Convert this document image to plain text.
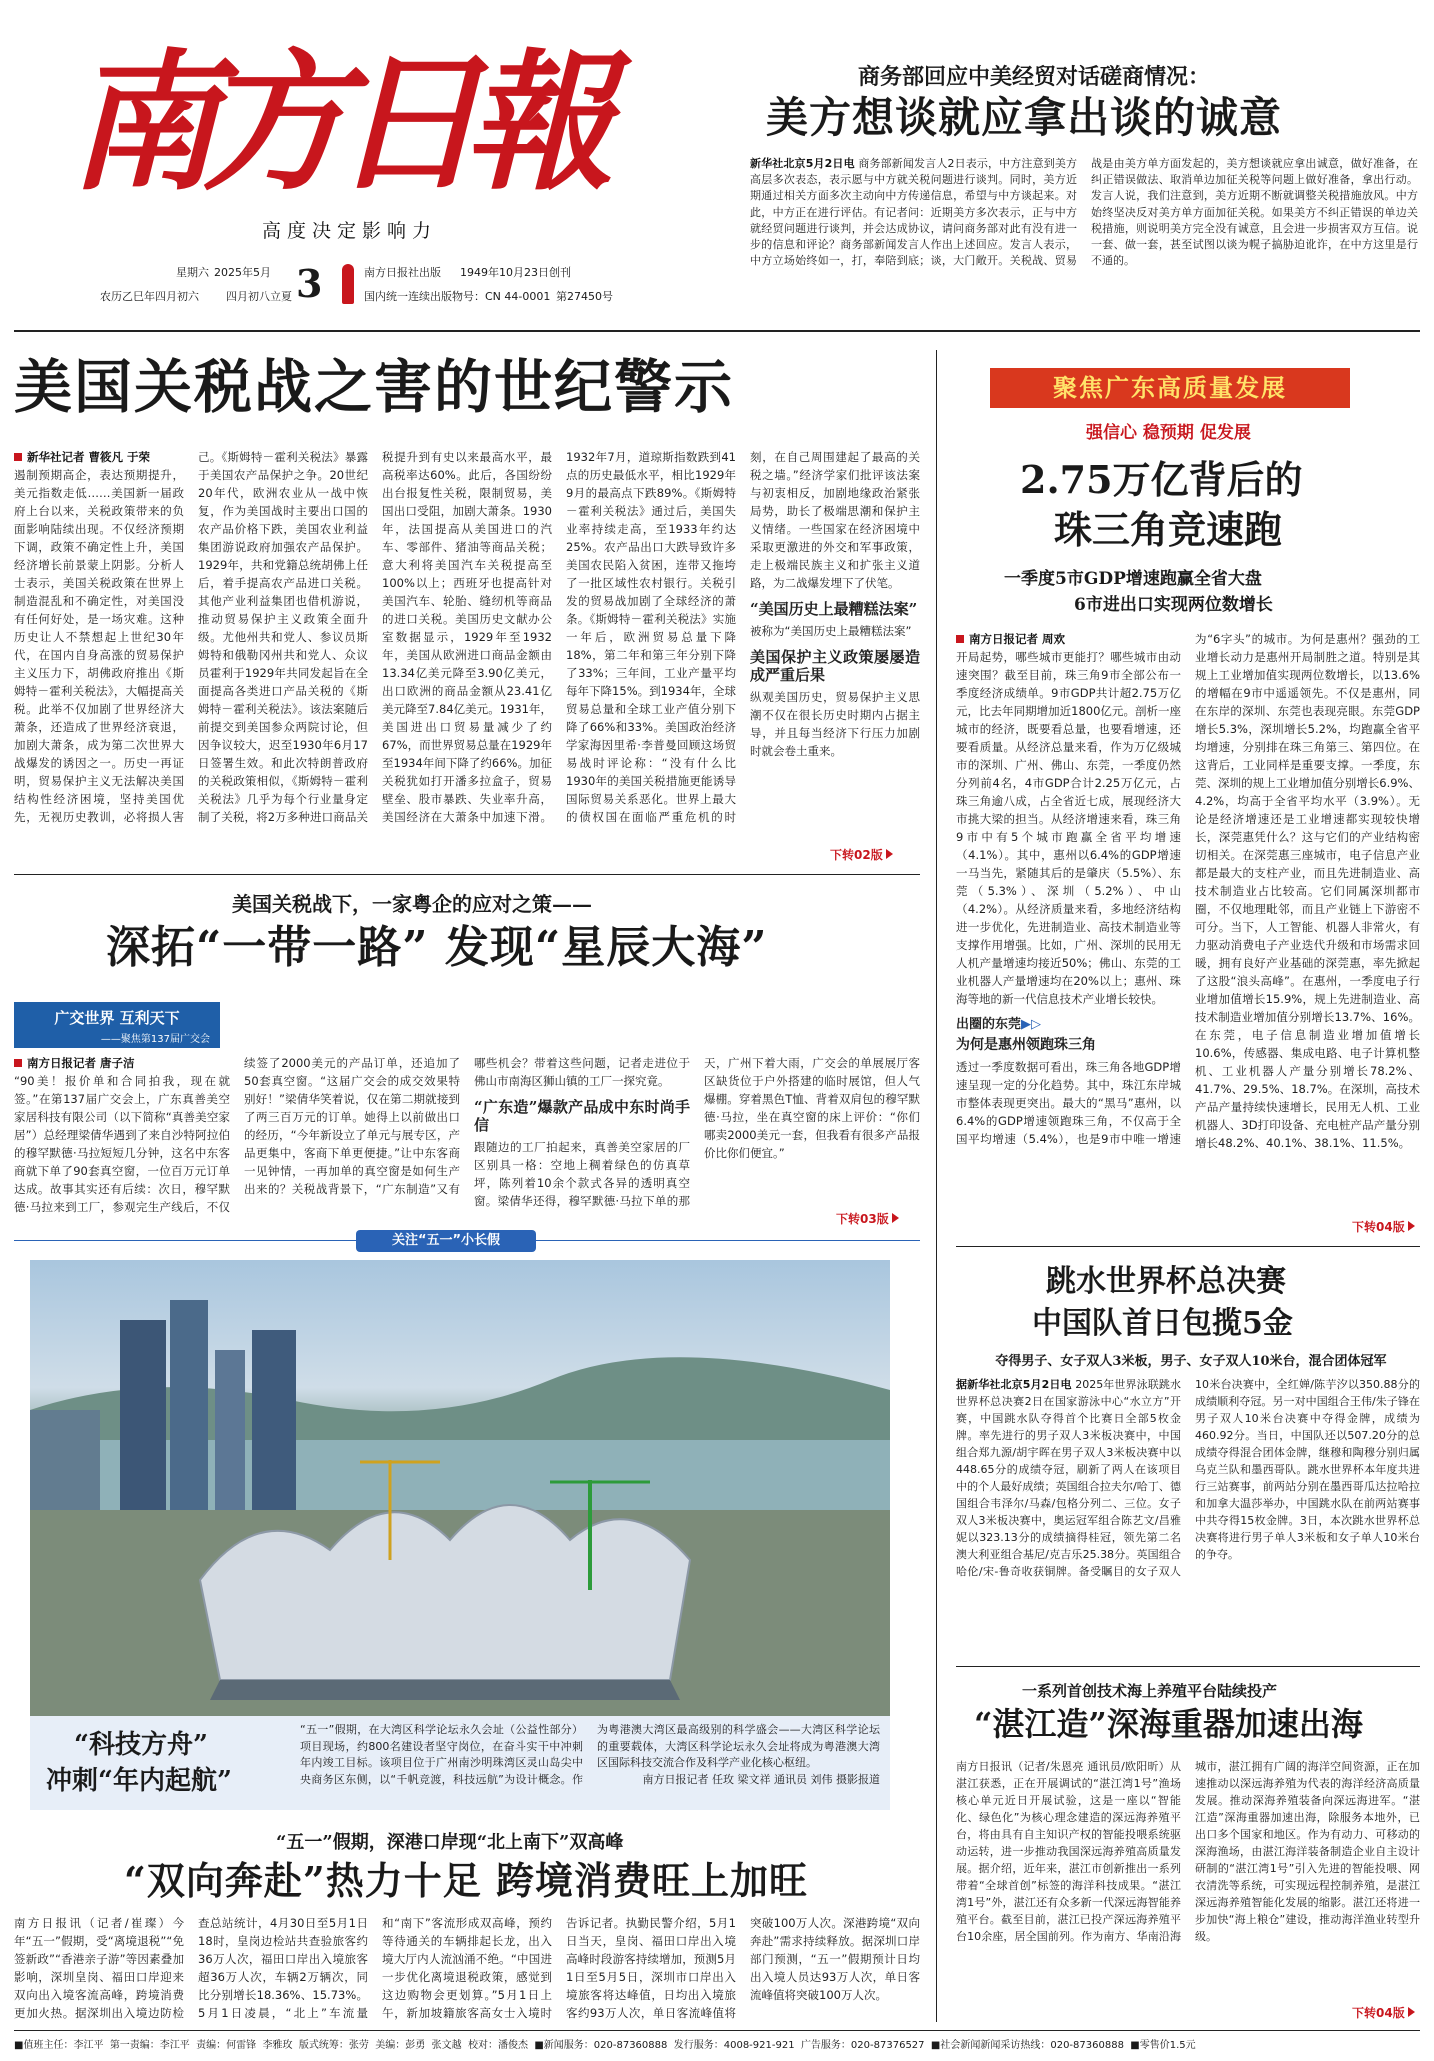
南方日報
高度决定影响力
星期六 2025年5月
农历乙巳年四月初六 四月初八立夏 3	南方日报社出版 1949年10月23日创刊
国内统一连续出版物号：CN 44-0001 第27450号
商务部回应中美经贸对话磋商情况：
美方想谈就应拿出谈的诚意
新华社北京5月2日电 商务部新闻发言人2日表示，中方注意到美方高层多次表态，表示愿与中方就关税问题进行谈判。同时，美方近期通过相关方面多次主动向中方传递信息，希望与中方谈起来。对此，中方正在进行评估。有记者问：近期美方多次表示，正与中方就经贸问题进行谈判，并会达成协议，请问商务部对此有没有进一步的信息和评论？商务部新闻发言人作出上述回应。发言人表示，中方立场始终如一，打，奉陪到底；谈，大门敞开。关税战、贸易战是由美方单方面发起的，美方想谈就应拿出诚意，做好准备，在纠正错误做法、取消单边加征关税等问题上做好准备，拿出行动。发言人说，我们注意到，美方近期不断就调整关税措施放风。中方始终坚决反对美方单方面加征关税。如果美方不纠正错误的单边关税措施，则说明美方完全没有诚意，且会进一步损害双方互信。说一套、做一套，甚至试图以谈为幌子搞胁迫讹诈，在中方这里是行不通的。
美国关税战之害的世纪警示
新华社记者 曹筱凡 于荣
遏制预期高企，表达预期提升，美元指数走低……美国新一届政府上台以来，关税政策带来的负面影响陆续出现。不仅经济预期下调，政策不确定性上升，美国经济增长前景蒙上阴影。分析人士表示，美国关税政策在世界上制造混乱和不确定性，对美国没有任何好处，是一场灾难。这种历史让人不禁想起上世纪30年代，在国内自身高涨的贸易保护主义压力下，胡佛政府推出《斯姆特－霍利关税法》，大幅提高关税。此举不仅加剧了世界经济大萧条，还造成了世界经济衰退，加剧大萧条，成为第二次世界大战爆发的诱因之一。历史一再证明，贸易保护主义无法解决美国结构性经济困境，坚持美国优先，无视历史教训，必将损人害己。《斯姆特－霍利关税法》暴露于美国农产品保护之争。20世纪20年代，欧洲农业从一战中恢复，作为美国战时主要出口国的农产品价格下跌，美国农业利益集团游说政府加强农产品保护。1929年，共和党籍总统胡佛上任后，着手提高农产品进口关税。其他产业利益集团也借机游说，推动贸易保护主义政策全面升级。尤他州共和党人、参议员斯姆特和俄勒冈州共和党人、众议员霍利于1929年共同发起旨在全面提高各类进口产品关税的《斯姆特－霍利关税法》。该法案随后前提交到美国参众两院讨论，但因争议较大，迟至1930年6月17日签署生效。和此次特朗普政府的关税政策相似，《斯姆特－霍利关税法》几乎为每个行业量身定制了关税，将2万多种进口商品关税提升到有史以来最高水平，最高税率达60%。此后，各国纷纷出台报复性关税，限制贸易，美国出口受阻，加剧大萧条。1930年，法国提高从美国进口的汽车、零部件、猪油等商品关税；意大利将美国汽车关税提高至100%以上；西班牙也提高针对美国汽车、轮胎、缝纫机等商品的进口关税。美国历史文献办公室数据显示，1929年至1932年，美国从欧洲进口商品金额由13.34亿美元降至3.90亿美元，出口欧洲的商品金额从23.41亿美元降至7.84亿美元。1931年，美国进出口贸易量减少了约67%，而世界贸易总量在1929年至1934年间下降了约66%。加征关税犹如打开潘多拉盒子，贸易壁垒、股市暴跌、失业率升高，美国经济在大萧条中加速下滑。1932年7月，道琼斯指数跌到41点的历史最低水平，相比1929年9月的最高点下跌89%。《斯姆特－霍利关税法》通过后，美国失业率持续走高，至1933年约达25%。农产品出口大跌导致许多美国农民陷入贫困，连带又拖垮了一批区域性农村银行。关税引发的贸易战加剧了全球经济的萧条。《斯姆特－霍利关税法》实施一年后，欧洲贸易总量下降18%，第二年和第三年分别下降了33%；三年间，工业产量平均每年下降15%。到1934年，全球贸易总量和全球工业产值分别下降了66%和33%。美国政治经济学家海因里希·李普曼回顾这场贸易战时评论称：“没有什么比1930年的美国关税措施更能诱导国际贸易关系恶化。世界上最大的债权国在面临严重危机的时刻，在自己周围建起了最高的关税之墙。”经济学家们批评该法案与初衷相反，加剧地缘政治紧张局势，助长了极端思潮和保护主义情绪。一些国家在经济困境中采取更激进的外交和军事政策，走上极端民族主义和扩张主义道路，为二战爆发埋下了伏笔。
“美国历史上最糟糕法案”
被称为“美国历史上最糟糕法案”
美国保护主义政策屡屡造成严重后果
纵观美国历史，贸易保护主义思潮不仅在很长历史时期内占据主导，并且每当经济下行压力加剧时就会卷土重来。
下转02版
美国关税战下，一家粤企的应对之策——
深拓“一带一路” 发现“星辰大海”
广交世界 互利天下
——聚焦第137届广交会
南方日报记者 唐子洁
“90美！报价单和合同拍我，现在就签。”在第137届广交会上，广东真善美空家居科技有限公司（以下简称“真善美空家居”）总经理梁倩华遇到了来自沙特阿拉伯的穆罕默德·马拉短短几分钟，这名中东客商就下单了90套真空窗，一位百万元订单达成。故事其实还有后续：次日，穆罕默德·马拉来到工厂，参观完生产线后，不仅续签了2000美元的产品订单，还追加了50套真空窗。“这届广交会的成交效果特别好！”梁倩华笑着说，仅在第二期就接到了两三百万元的订单。她得上以前做出口的经历，“今年新设立了单元与展专区，产品更集中，客商下单更便捷。”让中东客商一见钟情，一再加单的真空窗是如何生产出来的？关税战背景下，“广东制造”又有哪些机会？带着这些问题，记者走进位于佛山市南海区狮山镇的工厂一探究竟。
“广东造”爆款产品成中东时尚手信
跟随边的工厂拍起来，真善美空家居的厂区别具一格：空地上稠着绿色的仿真草坪，陈列着10余个款式各异的透明真空窗。梁倩华还得，穆罕默德·马拉下单的那天，广州下着大雨，广交会的单展展厅客区缺货位于户外搭建的临时展馆，但人气爆棚。穿着黑色T恤、背着双肩包的穆罕默德·马拉，坐在真空窗的床上评价：“你们哪卖2000美元一套，但我看有很多产品报价比你们便宜。”
下转03版
关注“五一”小长假
“科技方舟”
冲刺“年内起航”
“五一”假期，在大湾区科学论坛永久会址（公益性部分）项目现场，约800名建设者坚守岗位，在奋斗实干中冲刺年内竣工目标。该项目位于广州南沙明珠湾区灵山岛尖中央商务区东侧，以“千帆竞渡，科技远航”为设计概念。作为粤港澳大湾区最高级别的科学盛会——大湾区科学论坛的重要载体，大湾区科学论坛永久会址将成为粤港澳大湾区国际科技交流合作及科学产业化核心枢纽。
南方日报记者 任玫 梁文祥 通讯员 刘伟 摄影报道
“五一”假期，深港口岸现“北上南下”双高峰
“双向奔赴”热力十足 跨境消费旺上加旺
南方日报讯（记者/崔璨）今年“五一”假期，受“离境退税”“免签新政”“香港亲子游”等因素叠加影响，深圳皇岗、福田口岸迎来双向出入境客流高峰，跨境消费更加火热。据深圳出入境边防检查总站统计，4月30日至5月1日18时，皇岗边检站共查验旅客约36万人次，福田口岸出入境旅客超36万人次，车辆2万辆次，同比分别增长18.36%、15.73%。5月1日凌晨，“北上”车流量和“南下”客流形成双高峰，预约等待通关的车辆排起长龙，出入境大厅内人流汹涌不绝。“中国进一步优化离境退税政策，感觉到这边购物会更划算。”5月1日上午，新加坡籍旅客高女士入境时告诉记者。执勤民警介绍，5月1日当天，皇岗、福田口岸出入境高峰时段游客持续增加，预测5月1日至5月5日，深圳市口岸出入境旅客将达峰值，日均出入境旅客约93万人次，单日客流峰值将突破100万人次。深港跨境“双向奔赴”需求持续释放。据深圳口岸部门预测，“五一”假期预计日均出入境人员达93万人次，单日客流峰值将突破100万人次。
聚焦广东高质量发展
强信心 稳预期 促发展
2.75万亿背后的
珠三角竞速跑
一季度5市GDP增速跑赢全省大盘
6市进出口实现两位数增长
南方日报记者 周欢
开局起势，哪些城市更能打？哪些城市由动速突围？截至目前，珠三角9市全部公布一季度经济成绩单。9市GDP共计超2.75万亿元，比去年同期增加近1800亿元。剖析一座城市的经济，既要看总量，也要看增速，还要看质量。从经济总量来看，作为万亿级城市的深圳、广州、佛山、东莞，一季度仍然分列前4名，4市GDP合计2.25万亿元，占珠三角逾八成，占全省近七成，展现经济大市挑大梁的担当。从经济增速来看，珠三角9市中有5个城市跑赢全省平均增速（4.1%）。其中，惠州以6.4%的GDP增速一马当先，紧随其后的是肇庆（5.5%）、东莞（5.3%）、深圳（5.2%）、中山（4.2%）。从经济质量来看，多地经济结构进一步优化，先进制造业、高技术制造业等支撑作用增强。比如，广州、深圳的民用无人机产量增速均接近50%；佛山、东莞的工业机器人产量增速均在20%以上；惠州、珠海等地的新一代信息技术产业增长较快。
出圈的东莞▶▷
为何是惠州领跑珠三角
透过一季度数据可看出，珠三角各地GDP增速呈现一定的分化趋势。其中，珠江东岸城市整体表现更突出。最大的“黑马”惠州，以6.4%的GDP增速领跑珠三角，不仅高于全国平均增速（5.4%），也是9市中唯一增速为“6字头”的城市。为何是惠州？强劲的工业增长动力是惠州开局制胜之道。特别是其规上工业增加值实现两位数增长，以13.6%的增幅在9市中遥遥领先。不仅是惠州，同在东岸的深圳、东莞也表现亮眼。东莞GDP增长5.3%，深圳增长5.2%，均跑赢全省平均增速，分别排在珠三角第三、第四位。在这背后，工业同样是重要支撑。一季度，东莞、深圳的规上工业增加值分别增长6.9%、4.2%，均高于全省平均水平（3.9%）。无论是经济增速还是工业增速都实现较快增长，深莞惠凭什么？这与它们的产业结构密切相关。在深莞惠三座城市，电子信息产业都是最大的支柱产业，而且先进制造业、高技术制造业占比较高。它们同属深圳都市圈，不仅地理毗邻，而且产业链上下游密不可分。当下，人工智能、机器人非常火，有力驱动消费电子产业迭代升级和市场需求回暖，拥有良好产业基础的深莞惠，率先掀起了这股“浪头高峰”。在惠州，一季度电子行业增加值增长15.9%，规上先进制造业、高技术制造业增加值分别增长13.7%、16%。在东莞，电子信息制造业增加值增长10.6%，传感器、集成电路、电子计算机整机、工业机器人产量分别增长78.2%、41.7%、29.5%、18.7%。在深圳，高技术产品产量持续快速增长，民用无人机、工业机器人、3D打印设备、充电桩产品产量分别增长48.2%、40.1%、38.1%、11.5%。
下转04版
跳水世界杯总决赛
中国队首日包揽5金
夺得男子、女子双人3米板，男子、女子双人10米台，混合团体冠军
据新华社北京5月2日电 2025年世界泳联跳水世界杯总决赛2日在国家游泳中心“水立方”开赛，中国跳水队夺得首个比赛日全部5枚金牌。率先进行的男子双人3米板决赛中，中国组合郑九源/胡宇晖在男子双人3米板决赛中以448.65分的成绩夺冠，刷新了两人在该项目中的个人最好成绩；英国组合拉夫尔/哈丁、德国组合韦泽尔/马森/包格分列二、三位。女子双人3米板决赛中，奥运冠军组合陈艺文/昌雅妮以323.13分的成绩摘得桂冠，领先第二名澳大利亚组合基尼/克吉乐25.38分。英国组合哈伦/宋-鲁奇收获铜牌。备受瞩目的女子双人10米台决赛中，全红婵/陈芋汐以350.88分的成绩顺利夺冠。另一对中国组合王伟/朱子锋在男子双人10米台决赛中夺得金牌，成绩为460.92分。当日，中国队还以507.20分的总成绩夺得混合团体金牌，继穆和陶穆分别归属乌克兰队和墨西哥队。跳水世界杯本年度共进行三站赛事，前两站分别在墨西哥瓜达拉哈拉和加拿大温莎举办，中国跳水队在前两站赛事中共夺得15枚金牌。3日，本次跳水世界杯总决赛将进行男子单人3米板和女子单人10米台的争夺。
一系列首创技术海上养殖平台陆续投产
“湛江造”深海重器加速出海
南方日报讯（记者/朱恩亮 通讯员/欧阳昕）从湛江获悉，正在开展调试的“湛江湾1号”渔场核心单元近日开展试验，这是一座以“智能化、绿色化”为核心理念建造的深远海养殖平台，将由具有自主知识产权的智能投喂系统驱动运转，进一步推动我国深远海养殖高质量发展。据介绍，近年来，湛江市创新推出一系列带着“全球首创”标签的海洋科技成果。“湛江湾1号”外，湛江还有众多新一代深远海智能养殖平台。截至目前，湛江已投产深远海养殖平台10余座，居全国前列。作为南方、华南沿海城市，湛江拥有广阔的海洋空间资源，正在加速推动以深远海养殖为代表的海洋经济高质量发展。推动深海养殖装备向深远海进军。“湛江造”深海重器加速出海，除服务本地外，已出口多个国家和地区。作为有动力、可移动的深海渔场，由湛江海洋装备制造企业自主设计研制的“湛江湾1号”引入先进的智能投喂、网衣清洗等系统，可实现远程控制养殖，是湛江深远海养殖智能化发展的缩影。湛江还将进一步加快“海上粮仓”建设，推动海洋渔业转型升级。
下转04版
■值班主任：李江平 第一责编：李江平 责编：何雷锋 李雅玫 版式统筹：张劳 美编：彭勇 张文越 校对：潘俊杰 ■新闻服务：020-87360888 发行服务：4008-921-921 广告服务：020-87376527 ■社会新闻新闻采访热线：020-87360888 ■零售价1.5元
